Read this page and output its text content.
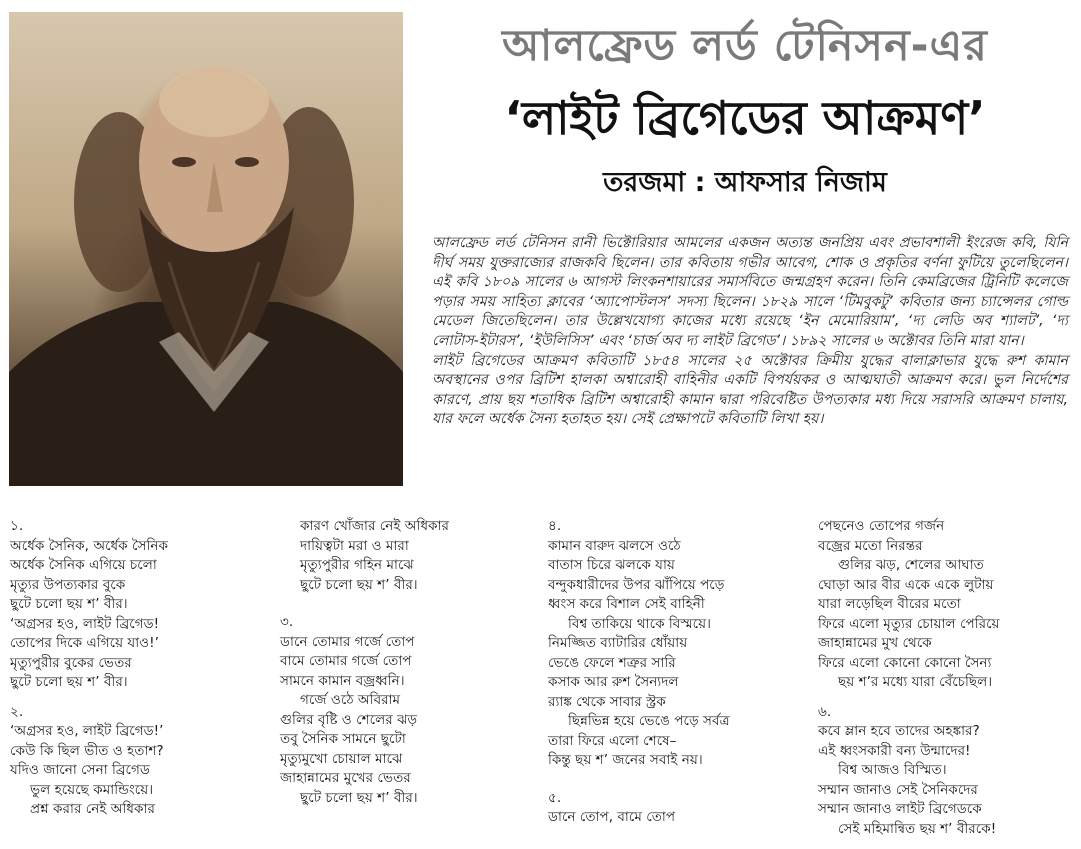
আলফ্রেড লর্ড টেনিসন-এর
‘লাইট ব্রিগেডের আক্রমণ’
তরজমা : আফসার নিজাম

আলফ্রেড লর্ড টেনিসন রানী ভিক্টোরিয়ার আমলের একজন অত্যন্ত জনপ্রিয় এবং প্রভাবশালী ইংরেজ কবি, যিনি দীর্ঘ সময় যুক্তরাজ্যের রাজকবি ছিলেন। তার কবিতায় গভীর আবেগ, শোক ও প্রকৃতির বর্ণনা ফুটিয়ে তুলেছিলেন। এই কবি ১৮০৯ সালের ৬ আগস্ট লিংকনশায়ারের সমার্সবিতে জন্মগ্রহণ করেন। তিনি কেমব্রিজের ট্রিনিটি কলেজে পড়ার সময় সাহিত্য ক্লাবের ‘অ্যাপোস্টলস’ সদস্য ছিলেন। ১৮২৯ সালে ‘টিমবুকটু’ কবিতার জন্য চ্যান্সেলর গোল্ড মেডেল জিতেছিলেন। তার উল্লেখযোগ্য কাজের মধ্যে রয়েছে ‘ইন মেমোরিয়াম’, ‘দ্য লেডি অব শ্যালট’, ‘দ্য লোটাস-ইটারস’, ‘ইউলিসিস’ এবং ‘চার্জ অব দ্য লাইট ব্রিগেড’। ১৮৯২ সালের ৬ অক্টোবর তিনি মারা যান।

লাইট ব্রিগেডের আক্রমণ কবিতাটি ১৮৫৪ সালের ২৫ অক্টোবর ক্রিমীয় যুদ্ধের বালাক্লাভার যুদ্ধে রুশ কামান অবস্থানের ওপর ব্রিটিশ হালকা অশ্বারোহী বাহিনীর একটি বিপর্যয়কর ও আত্মঘাতী আক্রমণ করে। ভুল নির্দেশের কারণে, প্রায় ছয় শতাধিক ব্রিটিশ অশ্বারোহী কামান দ্বারা পরিবেষ্টিত উপত্যকার মধ্য দিয়ে সরাসরি আক্রমণ চালায়, যার ফলে অর্ধেক সৈন্য হতাহত হয়। সেই প্রেক্ষাপটে কবিতাটি লিখা হয়।

১.
অর্ধেক সৈনিক, অর্ধেক সৈনিক
অর্ধেক সৈনিক এগিয়ে চলো
মৃত্যুর উপত্যকার বুকে
ছুটে চলো ছয় শ’ বীর।
‘অগ্রসর হও, লাইট ব্রিগেড!
তোপের দিকে এগিয়ে যাও!’
মৃত্যুপুরীর বুকের ভেতর
ছুটে চলো ছয় শ’ বীর।
২.
‘অগ্রসর হও, লাইট ব্রিগেড!’
কেউ কি ছিল ভীত ও হতাশ?
যদিও জানো সেনা ব্রিগেড
ভুল হয়েছে কমান্ডিংয়ে।
প্রশ্ন করার নেই অধিকার
কারণ খোঁজার নেই অধিকার
দায়িত্বটা মরা ও মারা
মৃত্যুপুরীর গহিন মাঝে
ছুটে চলো ছয় শ’ বীর।
৩.
ডানে তোমার গর্জে তোপ
বামে তোমার গর্জে তোপ
সামনে কামান বজ্রধ্বনি।
গর্জে ওঠে অবিরাম
গুলির বৃষ্টি ও শেলের ঝড়
তবু সৈনিক সামনে ছুটো
মৃত্যুমুখো চোয়াল মাঝে
জাহান্নামের মুখের ভেতর
ছুটে চলো ছয় শ’ বীর।
৪.
কামান বারুদ ঝলসে ওঠে
বাতাস চিরে ঝলকে যায়
বন্দুকধারীদের উপর ঝাঁপিয়ে পড়ে
ধ্বংস করে বিশাল সেই বাহিনী
বিশ্ব তাকিয়ে থাকে বিস্ময়ে।
নিমজ্জিত ব্যাটারির ধোঁয়ায়
ভেঙে ফেলে শত্রুর সারি
কসাক আর রুশ সৈন্যদল
র‍্যাঙ্ক থেকে সাবার স্ট্রক
ছিন্নভিন্ন হয়ে ভেঙে পড়ে সর্বত্র
তারা ফিরে এলো শেষে–
কিন্তু ছয় শ’ জনের সবাই নয়।
৫.
ডানে তোপ, বামে তোপ
পেছনেও তোপের গর্জন
বজ্রের মতো নিরন্তর
গুলির ঝড়, শেলের আঘাত
ঘোড়া আর বীর একে একে লুটায়
যারা লড়েছিল বীরের মতো
ফিরে এলো মৃত্যুর চোয়াল পেরিয়ে
জাহান্নামের মুখ থেকে
ফিরে এলো কোনো কোনো সৈন্য
ছয় শ’র মধ্যে যারা বেঁচেছিল।
৬.
কবে ম্লান হবে তাদের অহঙ্কার?
এই ধ্বংসকারী বন্য উন্মাদের!
বিশ্ব আজও বিস্মিত।
সম্মান জানাও সেই সৈনিকদের
সম্মান জানাও লাইট ব্রিগেডকে
সেই মহিমান্বিত ছয় শ’ বীরকে!
